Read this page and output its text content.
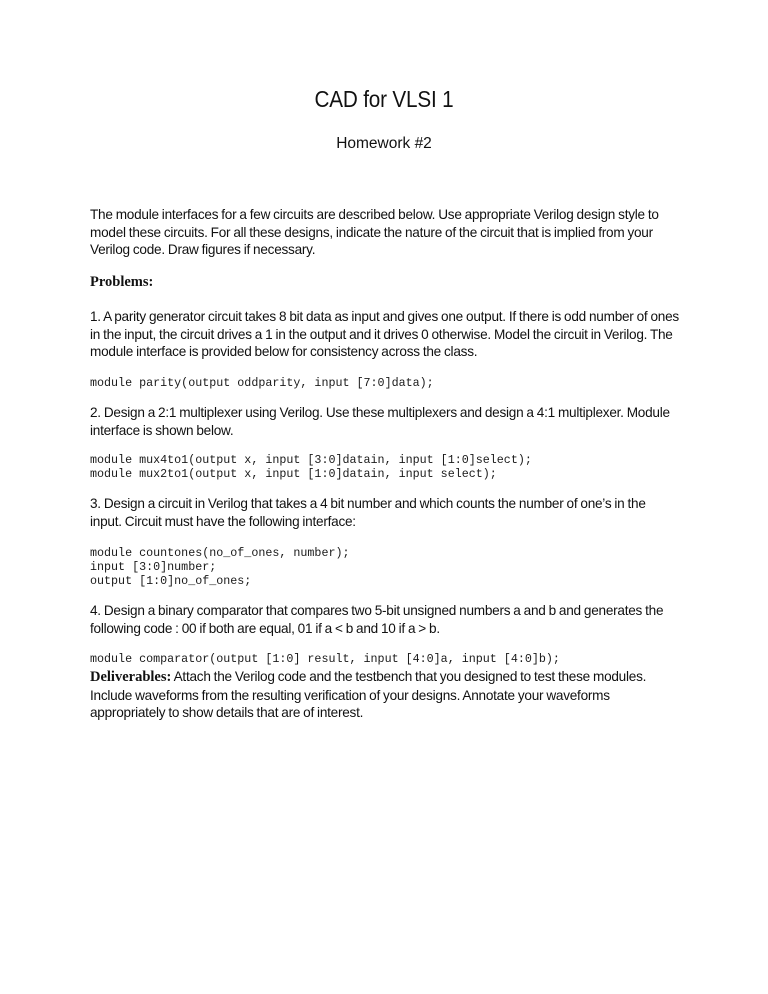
CAD for VLSI 1
Homework #2
The module interfaces for a few circuits are described below. Use appropriate Verilog design style to model these circuits. For all these designs, indicate the nature of the circuit that is implied from your Verilog code. Draw figures if necessary.
Problems:
1. A parity generator circuit takes 8 bit data as input and gives one output. If there is odd number of ones in the input, the circuit drives a 1 in the output and it drives 0 otherwise. Model the circuit in Verilog. The module interface is provided below for consistency across the class.
module parity(output oddparity, input [7:0]data);
2. Design a 2:1 multiplexer using Verilog. Use these multiplexers and design a 4:1 multiplexer. Module interface is shown below.
module mux4to1(output x, input [3:0]datain, input [1:0]select);
module mux2to1(output x, input [1:0]datain, input select);
3. Design a circuit in Verilog that takes a 4 bit number and which counts the number of one’s in the input. Circuit must have the following interface:
module countones(no_of_ones, number);
input [3:0]number;
output [1:0]no_of_ones;
4. Design a binary comparator that compares two 5-bit unsigned numbers a and b and generates the following code : 00 if both are equal, 01 if a < b and 10 if a > b.
module comparator(output [1:0] result, input [4:0]a, input [4:0]b);
Deliverables: Attach the Verilog code and the testbench that you designed to test these modules. Include waveforms from the resulting verification of your designs. Annotate your waveforms appropriately to show details that are of interest.
